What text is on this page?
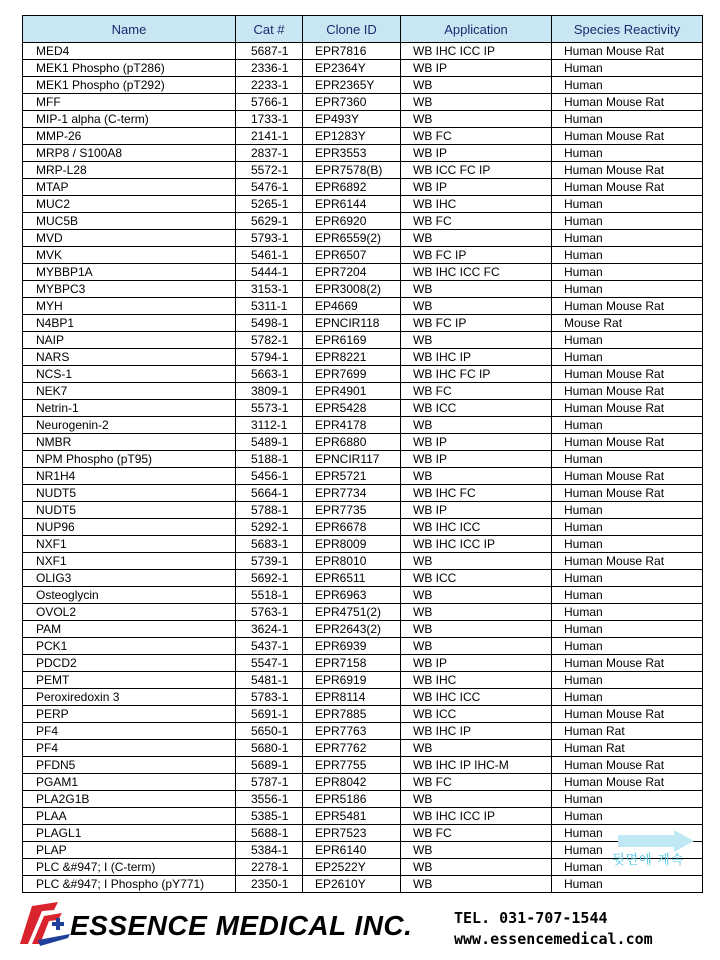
Name	Cat #	Clone ID	Application	Species Reactivity
MED4	5687-1	EPR7816	WB IHC ICC IP	Human Mouse Rat
MEK1 Phospho (pT286)	2336-1	EP2364Y	WB IP	Human
MEK1 Phospho (pT292)	2233-1	EPR2365Y	WB	Human
MFF	5766-1	EPR7360	WB	Human Mouse Rat
MIP-1 alpha (C-term)	1733-1	EP493Y	WB	Human
MMP-26	2141-1	EP1283Y	WB FC	Human Mouse Rat
MRP8 / S100A8	2837-1	EPR3553	WB IP	Human
MRP-L28	5572-1	EPR7578(B)	WB ICC FC IP	Human Mouse Rat
MTAP	5476-1	EPR6892	WB IP	Human Mouse Rat
MUC2	5265-1	EPR6144	WB IHC	Human
MUC5B	5629-1	EPR6920	WB FC	Human
MVD	5793-1	EPR6559(2)	WB	Human
MVK	5461-1	EPR6507	WB FC IP	Human
MYBBP1A	5444-1	EPR7204	WB IHC ICC FC	Human
MYBPC3	3153-1	EPR3008(2)	WB	Human
MYH	5311-1	EP4669	WB	Human Mouse Rat
N4BP1	5498-1	EPNCIR118	WB FC IP	Mouse Rat
NAIP	5782-1	EPR6169	WB	Human
NARS	5794-1	EPR8221	WB IHC IP	Human
NCS-1	5663-1	EPR7699	WB IHC FC IP	Human Mouse Rat
NEK7	3809-1	EPR4901	WB FC	Human Mouse Rat
Netrin-1	5573-1	EPR5428	WB ICC	Human Mouse Rat
Neurogenin-2	3112-1	EPR4178	WB	Human
NMBR	5489-1	EPR6880	WB IP	Human Mouse Rat
NPM Phospho (pT95)	5188-1	EPNCIR117	WB IP	Human
NR1H4	5456-1	EPR5721	WB	Human Mouse Rat
NUDT5	5664-1	EPR7734	WB IHC FC	Human Mouse Rat
NUDT5	5788-1	EPR7735	WB IP	Human
NUP96	5292-1	EPR6678	WB IHC ICC	Human
NXF1	5683-1	EPR8009	WB IHC ICC IP	Human
NXF1	5739-1	EPR8010	WB	Human Mouse Rat
OLIG3	5692-1	EPR6511	WB ICC	Human
Osteoglycin	5518-1	EPR6963	WB	Human
OVOL2	5763-1	EPR4751(2)	WB	Human
PAM	3624-1	EPR2643(2)	WB	Human
PCK1	5437-1	EPR6939	WB	Human
PDCD2	5547-1	EPR7158	WB IP	Human Mouse Rat
PEMT	5481-1	EPR6919	WB IHC	Human
Peroxiredoxin 3	5783-1	EPR8114	WB IHC ICC	Human
PERP	5691-1	EPR7885	WB ICC	Human Mouse Rat
PF4	5650-1	EPR7763	WB IHC IP	Human Rat
PF4	5680-1	EPR7762	WB	Human Rat
PFDN5	5689-1	EPR7755	WB IHC IP IHC-M	Human Mouse Rat
PGAM1	5787-1	EPR8042	WB FC	Human Mouse Rat
PLA2G1B	3556-1	EPR5186	WB	Human
PLAA	5385-1	EPR5481	WB IHC ICC IP	Human
PLAGL1	5688-1	EPR7523	WB FC	Human
PLAP	5384-1	EPR6140	WB	Human
PLC &#947; I (C-term)	2278-1	EP2522Y	WB	Human
PLC &#947; I Phospho (pY771)	2350-1	EP2610Y	WB	Human
뒷면에 계속
ESSENCE MEDICAL INC.	TEL. 031-707-1544
www.essencemedical.com
